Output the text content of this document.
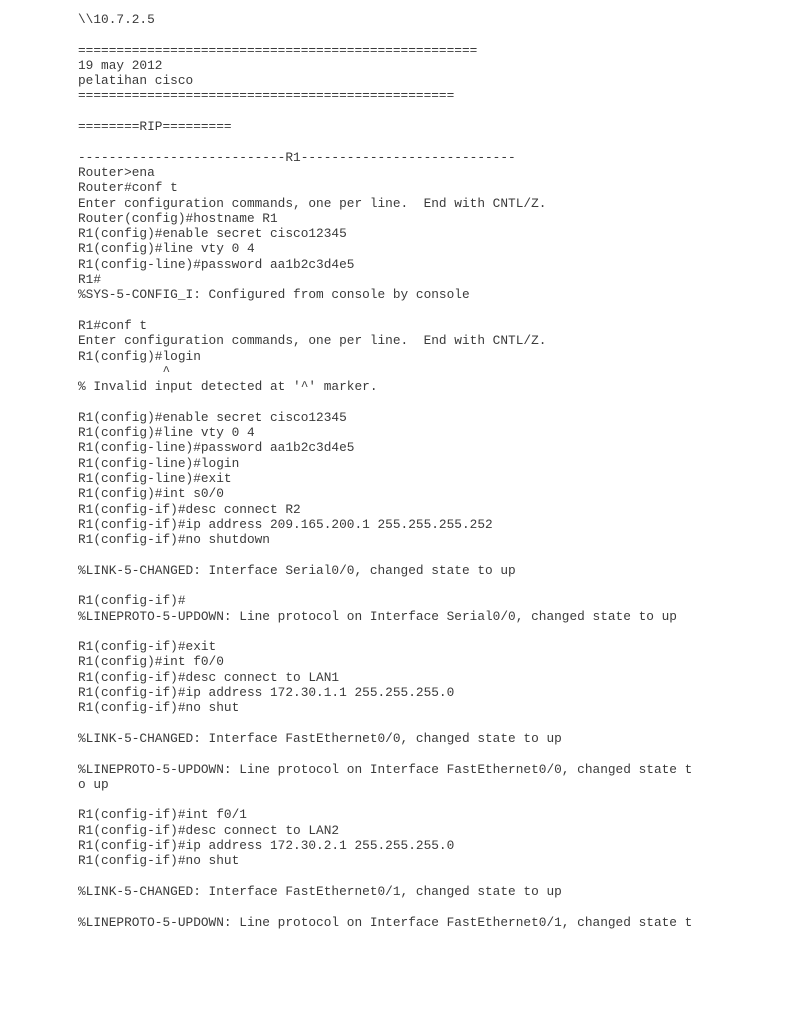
\\10.7.2.5
====================================================
19 may 2012
pelatihan cisco
=================================================
========RIP=========
---------------------------R1----------------------------
Router>ena
Router#conf t
Enter configuration commands, one per line.  End with CNTL/Z.
Router(config)#hostname R1
R1(config)#enable secret cisco12345
R1(config)#line vty 0 4
R1(config-line)#password aa1b2c3d4e5
R1#
%SYS-5-CONFIG_I: Configured from console by console
R1#conf t
Enter configuration commands, one per line.  End with CNTL/Z.
R1(config)#login
^
% Invalid input detected at '^' marker.
R1(config)#enable secret cisco12345
R1(config)#line vty 0 4
R1(config-line)#password aa1b2c3d4e5
R1(config-line)#login
R1(config-line)#exit
R1(config)#int s0/0
R1(config-if)#desc connect R2
R1(config-if)#ip address 209.165.200.1 255.255.255.252
R1(config-if)#no shutdown
%LINK-5-CHANGED: Interface Serial0/0, changed state to up
R1(config-if)#
%LINEPROTO-5-UPDOWN: Line protocol on Interface Serial0/0, changed state to up
R1(config-if)#exit
R1(config)#int f0/0
R1(config-if)#desc connect to LAN1
R1(config-if)#ip address 172.30.1.1 255.255.255.0
R1(config-if)#no shut
%LINK-5-CHANGED: Interface FastEthernet0/0, changed state to up
%LINEPROTO-5-UPDOWN: Line protocol on Interface FastEthernet0/0, changed state t
o up
R1(config-if)#int f0/1
R1(config-if)#desc connect to LAN2
R1(config-if)#ip address 172.30.2.1 255.255.255.0
R1(config-if)#no shut
%LINK-5-CHANGED: Interface FastEthernet0/1, changed state to up
%LINEPROTO-5-UPDOWN: Line protocol on Interface FastEthernet0/1, changed state t
